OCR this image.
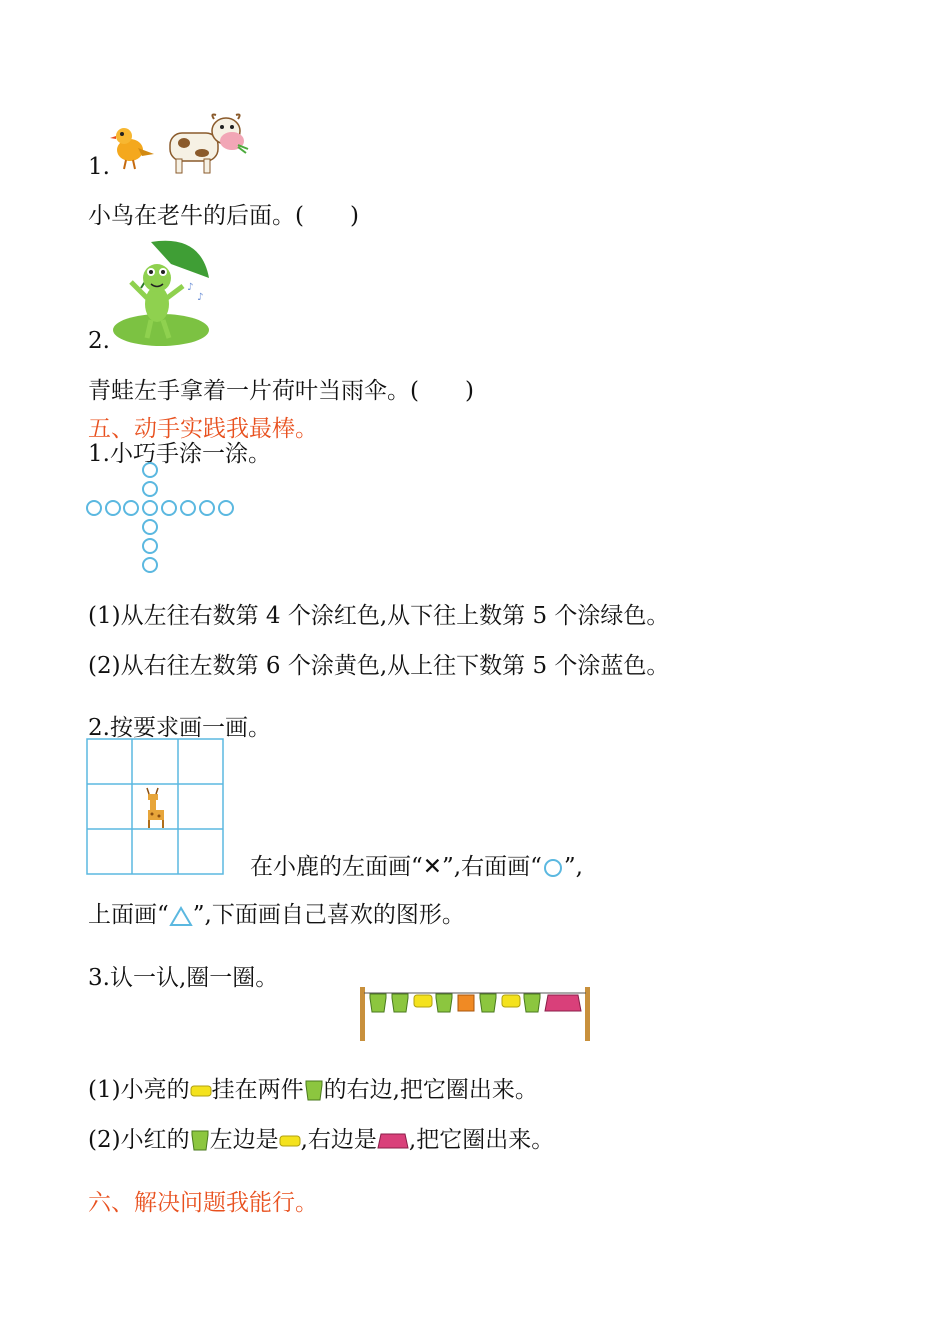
1.
小鸟在老牛的后面。(　　)
2.
♪
♪
青蛙左手拿着一片荷叶当雨伞。(　　)
五、动手实践我最棒。
1.小巧手涂一涂。
(1)从左往右数第 4 个涂红色,从下往上数第 5 个涂绿色。
(2)从右往左数第 6 个涂黄色,从上往下数第 5 个涂蓝色。
2.按要求画一画。
在小鹿的左面画“✕”,右面画“ ”,
上面画“ ”,下面画自己喜欢的图形。
3.认一认,圈一圈。
(1)小亮的 挂在两件 的右边,把它圈出来。
(2)小红的 左边是 ,右边是 ,把它圈出来。
六、解决问题我能行。
